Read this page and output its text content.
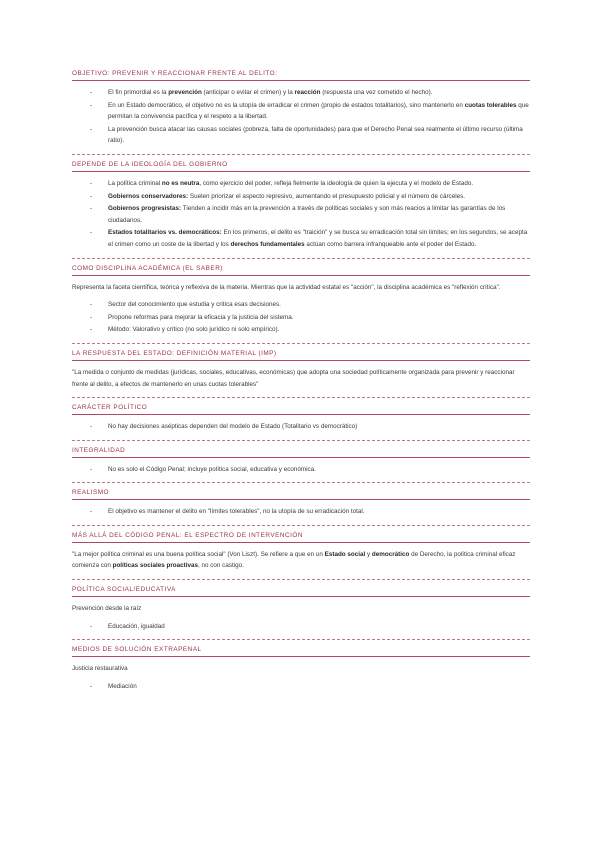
OBJETIVO: PREVENIR Y REACCIONAR FRENTE AL DELITO:
-	El fin primordial es la prevención (anticipar o evitar el crimen) y la reacción (respuesta una vez cometido el hecho).
-	En un Estado democrático, el objetivo no es la utopía de erradicar el crimen (propio de estados totalitarios), sino mantenerlo en cuotas tolerables que permitan la convivencia pacífica y el respeto a la libertad.
-	La prevención busca atacar las causas sociales (pobreza, falta de oportunidades) para que el Derecho Penal sea realmente el último recurso (última ratio).
DEPENDE DE LA IDEOLOGÍA DEL GOBIERNO
-	La política criminal no es neutra, como ejercicio del poder, refleja fielmente la ideología de quien la ejecuta y el modelo de Estado.
-	Gobiernos conservadores: Suelen priorizar el aspecto represivo, aumentando el presupuesto policial y el número de cárceles.
-	Gobiernos progresistas: Tienden a incidir más en la prevención a través de políticas sociales y son más reacios a limitar las garantías de los ciudadanos.
-	Estados totalitarios vs. democráticos: En los primeros, el delito es "traición" y se busca su erradicación total sin límites; en los segundos, se acepta el crimen como un coste de la libertad y los derechos fundamentales actúan como barrera infranqueable ante el poder del Estado.
COMO DISCIPLINA ACADÉMICA (EL SABER)

Representa la faceta científica, teórica y reflexiva de la materia. Mientras que la actividad estatal es "acción", la disciplina académica es "reflexión crítica".

-	Sector del conocimiento que estudia y critica esas decisiones.
-	Propone reformas para mejorar la eficacia y la justicia del sistema.
-	Método: Valorativo y crítico (no solo jurídico ni solo empírico).
LA RESPUESTA DEL ESTADO: DEFINICIÓN MATERIAL (IMP)

"La medida o conjunto de medidas (jurídicas, sociales, educativas, económicas) que adopta una sociedad políticamente organizada para prevenir y reaccionar frente al delito, a efectos de mantenerlo en unas cuotas tolerables"

CARÁCTER POLÍTICO
-	No hay decisiones asépticas dependen del modelo de Estado (Totalitario vs democrático)
INTEGRALIDAD
-	No es solo el Código Penal; incluye política social, educativa y económica.
REALISMO
-	El objetivo es mantener el delito en "límites tolerables", no la utopía de su erradicación total.
MÁS ALLÁ DEL CÓDIGO PENAL: EL ESPECTRO DE INTERVENCIÓN

"La mejor política criminal es una buena política social" (Von Liszt). Se refiere a que en un Estado social y democrático de Derecho, la política criminal eficaz comienza con políticas sociales proactivas, no con castigo.

POLÍTICA SOCIAL/EDUCATIVA

Prevención desde la raíz

-	Educación, igualdad
MEDIOS DE SOLUCIÓN EXTRAPENAL

Justicia restaurativa

-	Mediación
